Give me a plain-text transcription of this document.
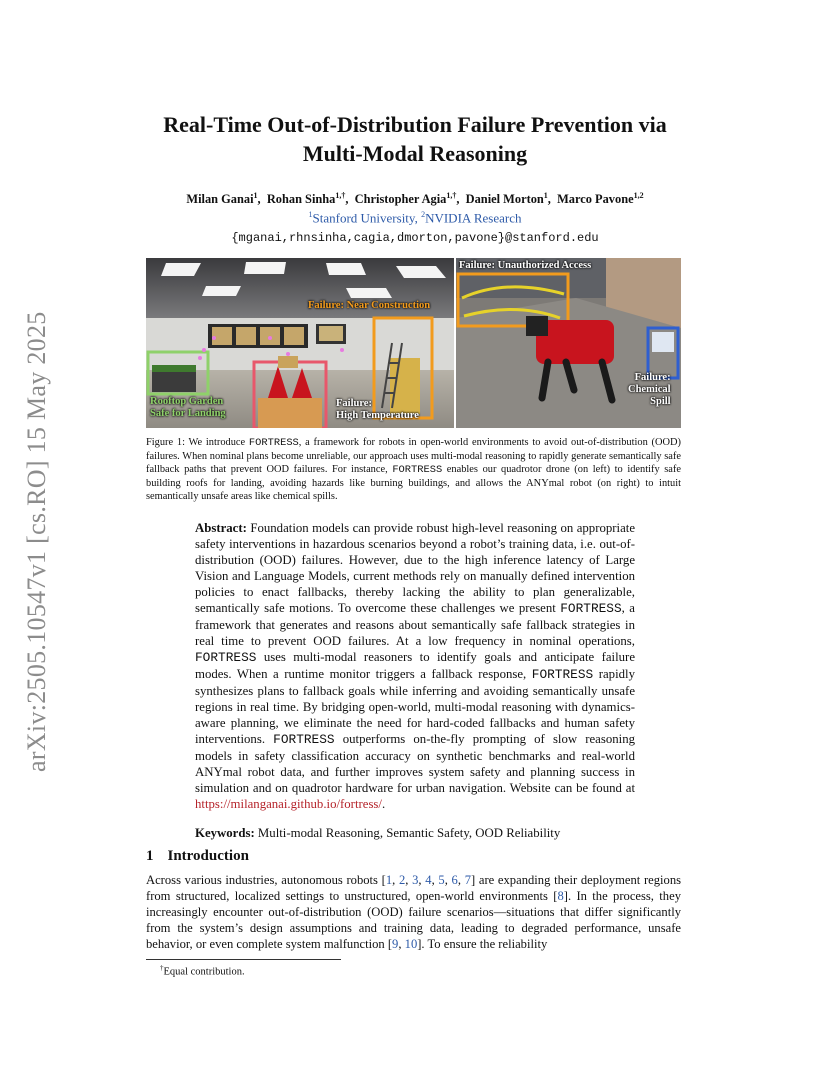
arXiv:2505.10547v1 [cs.RO] 15 May 2025
Real-Time Out-of-Distribution Failure Prevention via
Multi-Modal Reasoning
Milan Ganai$^1$,  Rohan Sinha$^{1,\dagger}$,  Christopher Agia$^{1,\dagger}$,  Daniel Morton$^1$,  Marco Pavone$^{1,2}$
$^1$Stanford University, $^2$NVIDIA Research
{mganai,rhnsinha,cagia,dmorton,pavone}@stanford.edu
Failure: Near Construction
Rooftop Garden
Safe for Landing
Failure:
High Temperature
Failure: Unauthorized Access
Failure:
Chemical
Spill
Figure 1: We introduce FORTRESS, a framework for robots in open-world environments to avoid out-of-distribution (OOD) failures. When nominal plans become unreliable, our approach uses multi-modal reasoning to rapidly generate semantically safe fallback paths that prevent OOD failures. For instance, FORTRESS enables our quadrotor drone (on left) to identify safe building roofs for landing, avoiding hazards like burning buildings, and allows the ANYmal robot (on right) to intuit semantically unsafe areas like chemical spills.
Abstract: Foundation models can provide robust high-level reasoning on appropriate safety interventions in hazardous scenarios beyond a robot’s training data, i.e. out-of-distribution (OOD) failures. However, due to the high inference latency of Large Vision and Language Models, current methods rely on manually defined intervention policies to enact fallbacks, thereby lacking the ability to plan generalizable, semantically safe motions. To overcome these challenges we present FORTRESS, a framework that generates and reasons about semantically safe fallback strategies in real time to prevent OOD failures. At a low frequency in nominal operations, FORTRESS uses multi-modal reasoners to identify goals and anticipate failure modes. When a runtime monitor triggers a fallback response, FORTRESS rapidly synthesizes plans to fallback goals while inferring and avoiding semantically unsafe regions in real time. By bridging open-world, multi-modal reasoning with dynamics-aware planning, we eliminate the need for hard-coded fallbacks and human safety interventions. FORTRESS outperforms on-the-fly prompting of slow reasoning models in safety classification accuracy on synthetic benchmarks and real-world ANYmal robot data, and further improves system safety and planning success in simulation and on quadrotor hardware for urban navigation. Website can be found at https://milanganai.github.io/fortress/.
Keywords: Multi-modal Reasoning, Semantic Safety, OOD Reliability
1 Introduction
Across various industries, autonomous robots [1, 2, 3, 4, 5, 6, 7] are expanding their deployment regions from structured, localized settings to unstructured, open-world environments [8]. In the process, they increasingly encounter out-of-distribution (OOD) failure scenarios—situations that differ significantly from the system’s design assumptions and training data, leading to degraded performance, unsafe behavior, or even complete system malfunction [9, 10]. To ensure the reliability
†Equal contribution.
